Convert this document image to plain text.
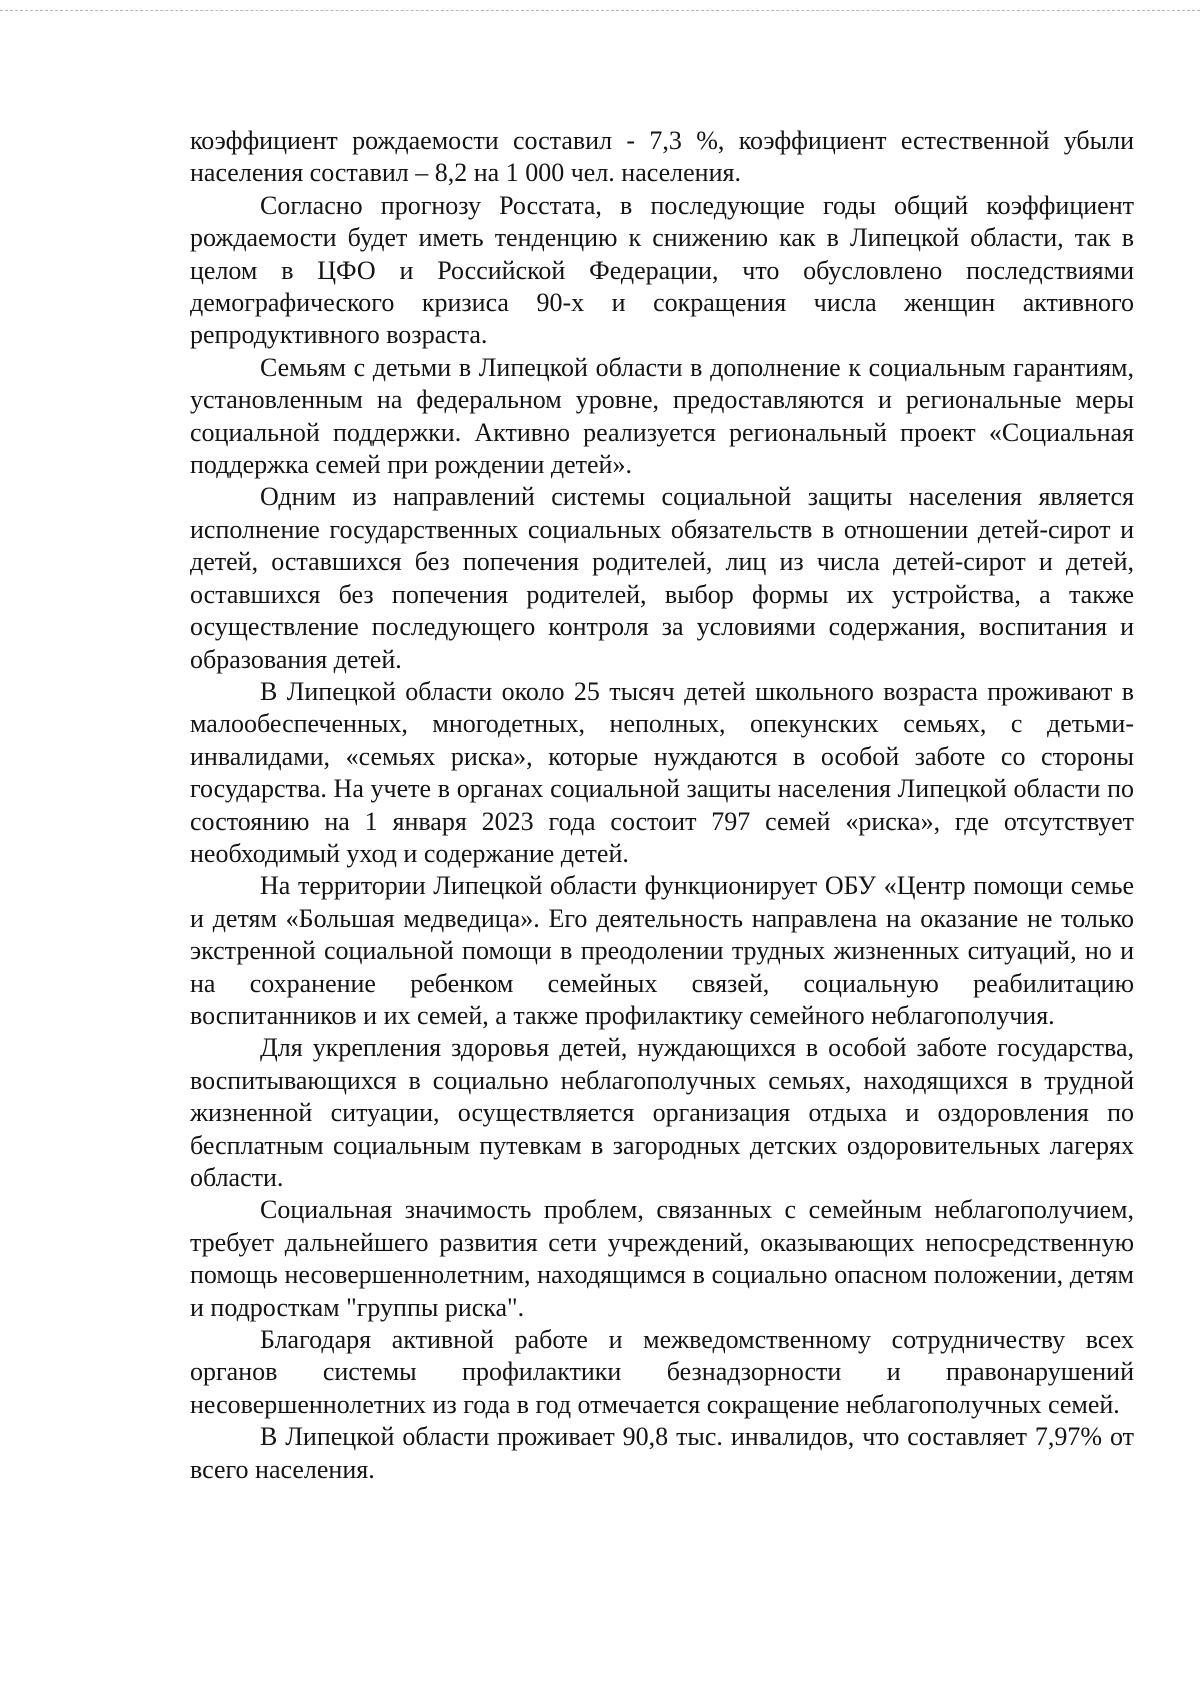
коэффициент рождаемости составил - 7,3 %, коэффициент естественной убыли населения составил – 8,2 на 1 000 чел. населения.

Согласно прогнозу Росстата, в последующие годы общий коэффициент рождаемости будет иметь тенденцию к снижению как в Липецкой области, так в целом в ЦФО и Российской Федерации, что обусловлено последствиями демографического кризиса 90-х и сокращения числа женщин активного репродуктивного возраста.

Семьям с детьми в Липецкой области в дополнение к социальным гарантиям, установленным на федеральном уровне, предоставляются и региональные меры социальной поддержки. Активно реализуется региональный проект «Социальная поддержка семей при рождении детей».

Одним из направлений системы социальной защиты населения является исполнение государственных социальных обязательств в отношении детей-сирот и детей, оставшихся без попечения родителей, лиц из числа детей-сирот и детей, оставшихся без попечения родителей, выбор формы их устройства, а также осуществление последующего контроля за условиями содержания, воспитания и образования детей.

В Липецкой области около 25 тысяч детей школьного возраста проживают в малообеспеченных, многодетных, неполных, опекунских семьях, с детьми-инвалидами, «семьях риска», которые нуждаются в особой заботе со стороны государства. На учете в органах социальной защиты населения Липецкой области по состоянию на 1 января 2023 года состоит 797 семей «риска», где отсутствует необходимый уход и содержание детей.

На территории Липецкой области функционирует ОБУ «Центр помощи семье и детям «Большая медведица». Его деятельность направлена на оказание не только экстренной социальной помощи в преодолении трудных жизненных ситуаций, но и на сохранение ребенком семейных связей, социальную реабилитацию воспитанников и их семей, а также профилактику семейного неблагополучия.

Для укрепления здоровья детей, нуждающихся в особой заботе государства, воспитывающихся в социально неблагополучных семьях, находящихся в трудной жизненной ситуации, осуществляется организация отдыха и оздоровления по бесплатным социальным путевкам в загородных детских оздоровительных лагерях области.

Социальная значимость проблем, связанных с семейным неблагополучием, требует дальнейшего развития сети учреждений, оказывающих непосредственную помощь несовершеннолетним, находящимся в социально опасном положении, детям и подросткам "группы риска".

Благодаря активной работе и межведомственному сотрудничеству всех органов системы профилактики безнадзорности и правонарушений несовершеннолетних из года в год отмечается сокращение неблагополучных семей.

В Липецкой области проживает 90,8 тыс. инвалидов, что составляет 7,97% от всего населения.
